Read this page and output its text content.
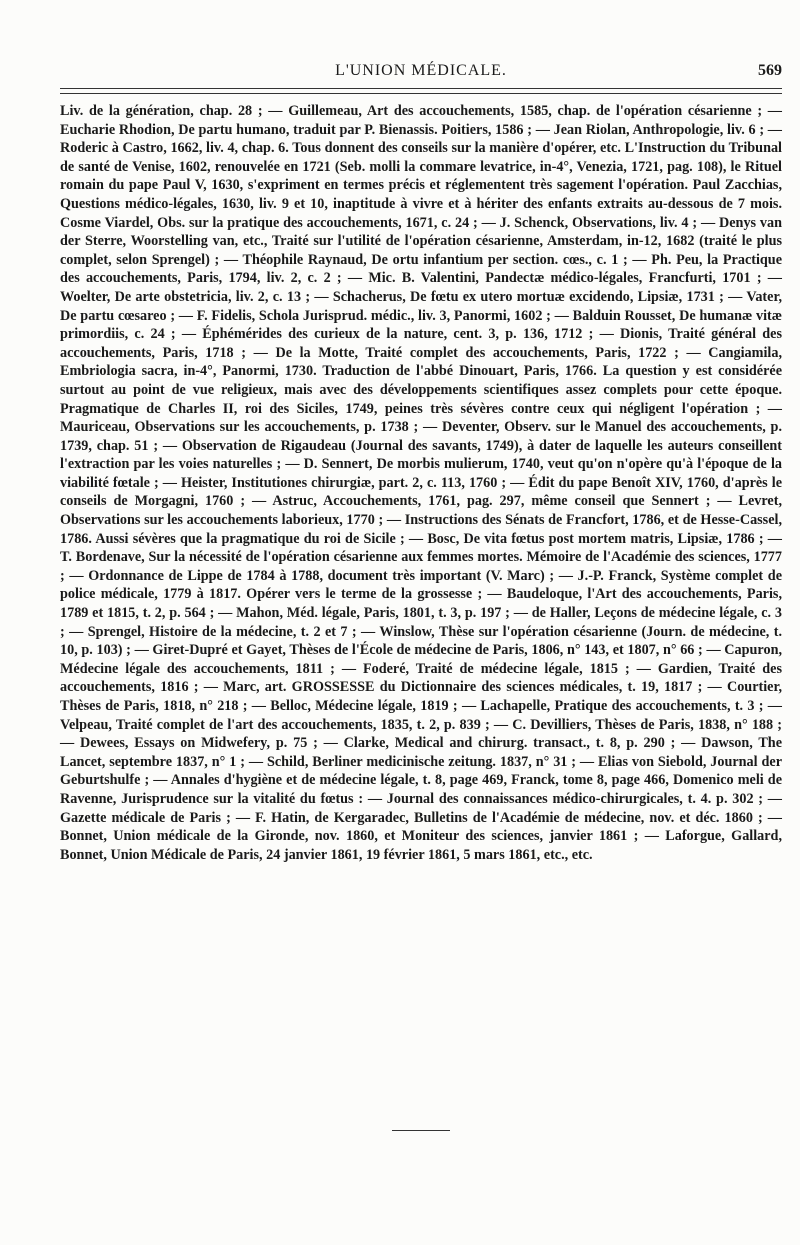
L'UNION MÉDICALE.	569

Liv. de la génération, chap. 28 ; — Guillemeau, Art des accouchements, 1585, chap. de l'opération césarienne ; — Eucharie Rhodion, De partu humano, traduit par P. Bienassis. Poitiers, 1586 ; — Jean Riolan, Anthropologie, liv. 6 ; — Roderic à Castro, 1662, liv. 4, chap. 6. Tous donnent des conseils sur la manière d'opérer, etc. L'Instruction du Tribunal de santé de Venise, 1602, renouvelée en 1721 (Seb. molli la commare levatrice, in-4°, Venezia, 1721, pag. 108), le Rituel romain du pape Paul V, 1630, s'expriment en termes précis et réglementent très sagement l'opération. Paul Zacchias, Questions médico-légales, 1630, liv. 9 et 10, inaptitude à vivre et à hériter des enfants extraits au-dessous de 7 mois. Cosme Viardel, Obs. sur la pratique des accouchements, 1671, c. 24 ; — J. Schenck, Observations, liv. 4 ; — Denys van der Sterre, Woorstelling van, etc., Traité sur l'utilité de l'opération césarienne, Amsterdam, in-12, 1682 (traité le plus complet, selon Sprengel) ; — Théophile Raynaud, De ortu infantium per section. cœs., c. 1 ; — Ph. Peu, la Practique des accouchements, Paris, 1794, liv. 2, c. 2 ; — Mic. B. Valentini, Pandectæ médico-légales, Francfurti, 1701 ; — Woelter, De arte obstetricia, liv. 2, c. 13 ; — Schacherus, De fœtu ex utero mortuæ excidendo, Lipsiæ, 1731 ; — Vater, De partu cœsareo ; — F. Fidelis, Schola Jurisprud. médic., liv. 3, Panormi, 1602 ; — Balduin Rousset, De humanæ vitæ primordiis, c. 24 ; — Éphémérides des curieux de la nature, cent. 3, p. 136, 1712 ; — Dionis, Traité général des accouchements, Paris, 1718 ; — De la Motte, Traité complet des accouchements, Paris, 1722 ; — Cangiamila, Embriologia sacra, in-4°, Panormi, 1730. Traduction de l'abbé Dinouart, Paris, 1766. La question y est considérée surtout au point de vue religieux, mais avec des développements scientifiques assez complets pour cette époque. Pragmatique de Charles II, roi des Siciles, 1749, peines très sévères contre ceux qui négligent l'opération ; — Mauriceau, Observations sur les accouchements, p. 1738 ; — Deventer, Observ. sur le Manuel des accouchements, p. 1739, chap. 51 ; — Observation de Rigaudeau (Journal des savants, 1749), à dater de laquelle les auteurs conseillent l'extraction par les voies naturelles ; — D. Sennert, De morbis mulierum, 1740, veut qu'on n'opère qu'à l'époque de la viabilité fœtale ; — Heister, Institutiones chirurgiæ, part. 2, c. 113, 1760 ; — Édit du pape Benoît XIV, 1760, d'après le conseils de Morgagni, 1760 ; — Astruc, Accouchements, 1761, pag. 297, même conseil que Sennert ; — Levret, Observations sur les accouchements laborieux, 1770 ; — Instructions des Sénats de Francfort, 1786, et de Hesse-Cassel, 1786. Aussi sévères que la pragmatique du roi de Sicile ; — Bosc, De vita fœtus post mortem matris, Lipsiæ, 1786 ; — T. Bordenave, Sur la nécessité de l'opération césarienne aux femmes mortes. Mémoire de l'Académie des sciences, 1777 ; — Ordonnance de Lippe de 1784 à 1788, document très important (V. Marc) ; — J.-P. Franck, Système complet de police médicale, 1779 à 1817. Opérer vers le terme de la grossesse ; — Baudeloque, l'Art des accouchements, Paris, 1789 et 1815, t. 2, p. 564 ; — Mahon, Méd. légale, Paris, 1801, t. 3, p. 197 ; — de Haller, Leçons de médecine légale, c. 3 ; — Sprengel, Histoire de la médecine, t. 2 et 7 ; — Winslow, Thèse sur l'opération césarienne (Journ. de médecine, t. 10, p. 103) ; — Giret-Dupré et Gayet, Thèses de l'École de médecine de Paris, 1806, n° 143, et 1807, n° 66 ; — Capuron, Médecine légale des accouchements, 1811 ; — Foderé, Traité de médecine légale, 1815 ; — Gardien, Traité des accouchements, 1816 ; — Marc, art. GROSSESSE du Dictionnaire des sciences médicales, t. 19, 1817 ; — Courtier, Thèses de Paris, 1818, n° 218 ; — Belloc, Médecine légale, 1819 ; — Lachapelle, Pratique des accouchements, t. 3 ; — Velpeau, Traité complet de l'art des accouchements, 1835, t. 2, p. 839 ; — C. Devilliers, Thèses de Paris, 1838, n° 188 ; — Dewees, Essays on Midwefery, p. 75 ; — Clarke, Medical and chirurg. transact., t. 8, p. 290 ; — Dawson, The Lancet, septembre 1837, n° 1 ; — Schild, Berliner medicinische zeitung. 1837, n° 31 ; — Elias von Siebold, Journal der Geburtshulfe ; — Annales d'hygiène et de médecine légale, t. 8, page 469, Franck, tome 8, page 466, Domenico meli de Ravenne, Jurisprudence sur la vitalité du fœtus : — Journal des connaissances médico-chirurgicales, t. 4. p. 302 ; — Gazette médicale de Paris ; — F. Hatin, de Kergaradec, Bulletins de l'Académie de médecine, nov. et déc. 1860 ; — Bonnet, Union médicale de la Gironde, nov. 1860, et Moniteur des sciences, janvier 1861 ; — Laforgue, Gallard, Bonnet, Union Médicale de Paris, 24 janvier 1861, 19 février 1861, 5 mars 1861, etc., etc.
